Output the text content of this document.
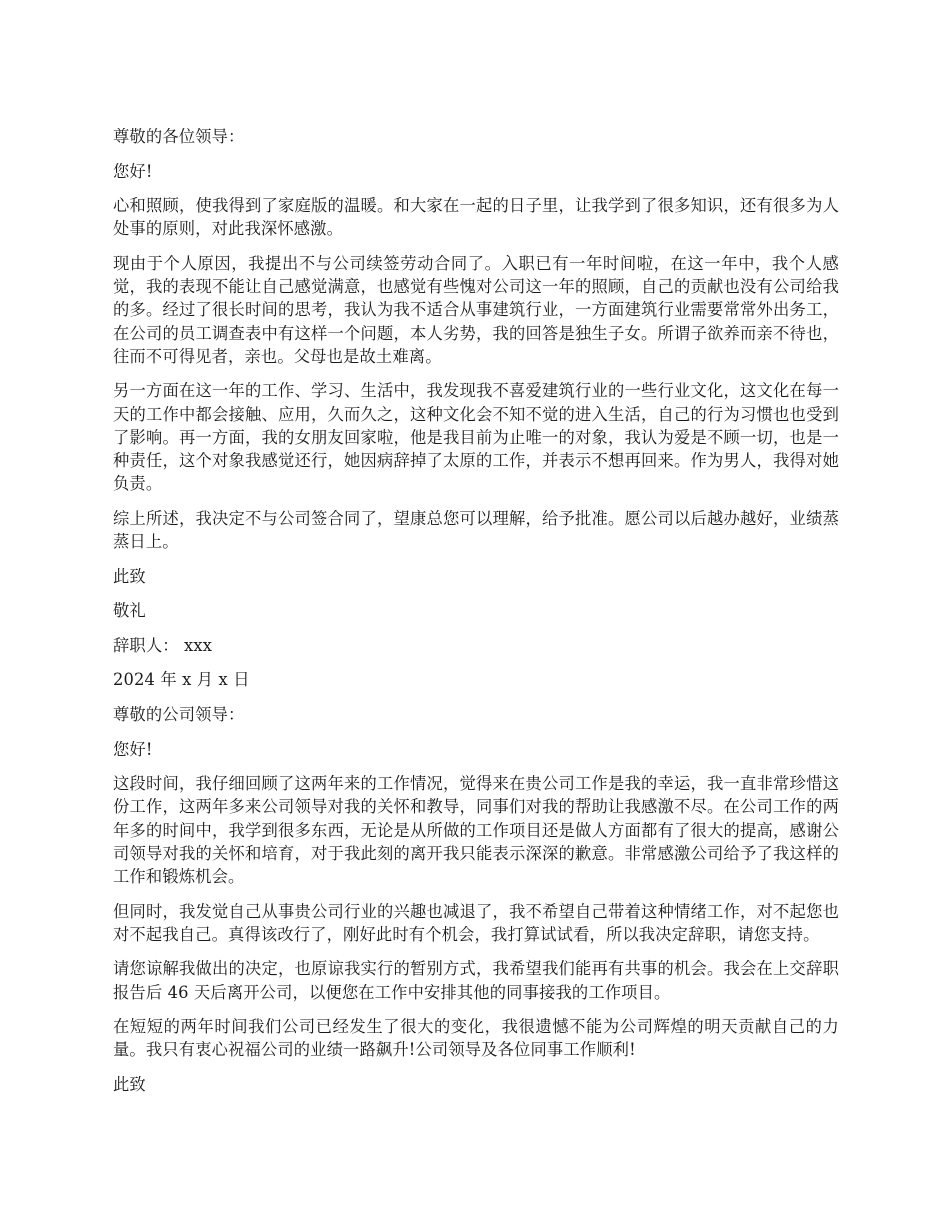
尊敬的各位领导：

您好!

心和照顾，使我得到了家庭版的温暖。和大家在一起的日子里，让我学到了很多知识，还有很多为人处事的原则，对此我深怀感激。

现由于个人原因，我提出不与公司续签劳动合同了。入职已有一年时间啦，在这一年中，我个人感觉，我的表现不能让自己感觉满意，也感觉有些愧对公司这一年的照顾，自己的贡献也没有公司给我的多。经过了很长时间的思考，我认为我不适合从事建筑行业，一方面建筑行业需要常常外出务工，在公司的员工调查表中有这样一个问题，本人劣势，我的回答是独生子女。所谓子欲养而亲不待也，往而不可得见者，亲也。父母也是故土难离。

另一方面在这一年的工作、学习、生活中，我发现我不喜爱建筑行业的一些行业文化，这文化在每一天的工作中都会接触、应用，久而久之，这种文化会不知不觉的进入生活，自己的行为习惯也也受到了影响。再一方面，我的女朋友回家啦，他是我目前为止唯一的对象，我认为爱是不顾一切，也是一种责任，这个对象我感觉还行，她因病辞掉了太原的工作，并表示不想再回来。作为男人，我得对她负责。

综上所述，我决定不与公司签合同了，望康总您可以理解，给予批准。愿公司以后越办越好，业绩蒸蒸日上。

此致

敬礼

辞职人： xxx

2024 年 x 月 x 日

尊敬的公司领导：

您好!

这段时间，我仔细回顾了这两年来的工作情况，觉得来在贵公司工作是我的幸运，我一直非常珍惜这份工作，这两年多来公司领导对我的关怀和教导，同事们对我的帮助让我感激不尽。在公司工作的两年多的时间中，我学到很多东西，无论是从所做的工作项目还是做人方面都有了很大的提高，感谢公司领导对我的关怀和培育，对于我此刻的离开我只能表示深深的歉意。非常感激公司给予了我这样的工作和锻炼机会。

但同时，我发觉自己从事贵公司行业的兴趣也减退了，我不希望自己带着这种情绪工作，对不起您也对不起我自己。真得该改行了，刚好此时有个机会，我打算试试看，所以我决定辞职，请您支持。

请您谅解我做出的决定，也原谅我实行的暂别方式，我希望我们能再有共事的机会。我会在上交辞职报告后 46 天后离开公司，以便您在工作中安排其他的同事接我的工作项目。

在短短的两年时间我们公司已经发生了很大的变化，我很遗憾不能为公司辉煌的明天贡献自己的力量。我只有衷心祝福公司的业绩一路飙升!公司领导及各位同事工作顺利!

此致
